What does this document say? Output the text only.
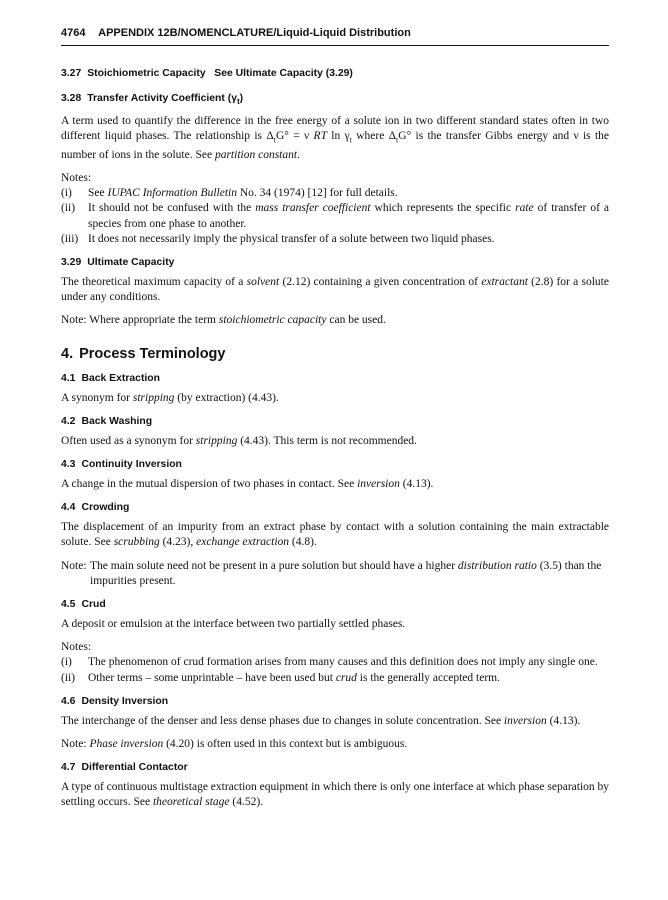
4764 APPENDIX 12B/NOMENCLATURE/Liquid-Liquid Distribution
3.27 Stoichiometric Capacity See Ultimate Capacity (3.29)
3.28 Transfer Activity Coefficient $(\gamma_t)$

A term used to quantify the difference in the free energy of a solute ion in two different standard states often in two different liquid phases. The relationship is $\Delta_tG^\circ = \nu$ RT $\ln \gamma_t$ where $\Delta_tG^\circ$ is the transfer Gibbs energy and ν is the number of ions in the solute. See partition constant.

Notes:

(i)	See IUPAC Information Bulletin No. 34 (1974) [12] for full details.
(ii)	It should not be confused with the mass transfer coefficient which represents the specific rate of transfer of a species from one phase to another.
(iii) It does not necessarily imply the physical transfer of a solute between two liquid phases.
3.29 Ultimate Capacity

The theoretical maximum capacity of a solvent (2.12) containing a given concentration of extractant (2.8) for a solute under any conditions.

Note: Where appropriate the term stoichiometric capacity can be used.

4. Process Terminology
4.1 Back Extraction

A synonym for stripping (by extraction) (4.43).

4.2 Back Washing

Often used as a synonym for stripping (4.43). This term is not recommended.

4.3 Continuity Inversion

A change in the mutual dispersion of two phases in contact. See inversion (4.13).

4.4 Crowding

The displacement of an impurity from an extract phase by contact with a solution containing the main extractable solute. See scrubbing (4.23), exchange extraction (4.8).

Note: The main solute need not be present in a pure solution but should have a higher distribution ratio (3.5) than the impurities present.
4.5 Crud

A deposit or emulsion at the interface between two partially settled phases.

Notes:

(i)	The phenomenon of crud formation arises from many causes and this definition does not imply any single one.
(ii)	Other terms – some unprintable – have been used but crud is the generally accepted term.
4.6 Density Inversion

The interchange of the denser and less dense phases due to changes in solute concentration. See inversion (4.13).

Note: Phase inversion (4.20) is often used in this context but is ambiguous.

4.7 Differential Contactor

A type of continuous multistage extraction equipment in which there is only one interface at which phase separation by settling occurs. See theoretical stage (4.52).
